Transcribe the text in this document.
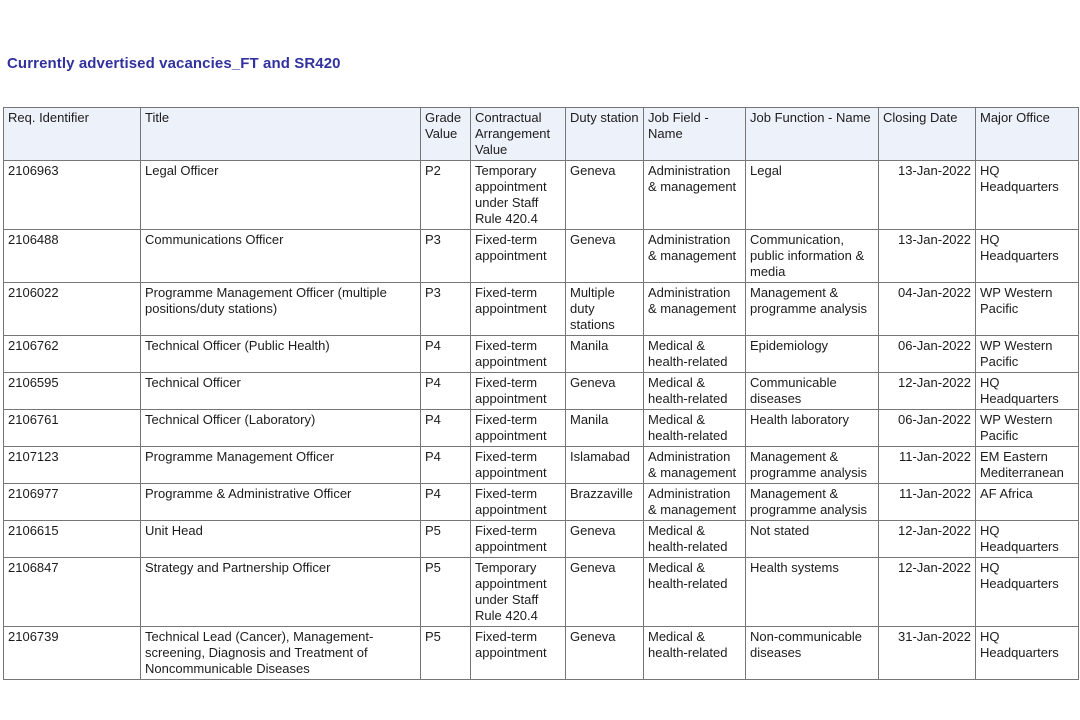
Currently advertised vacancies_FT and SR420
Req. Identifier	Title	Grade Value	Contractual Arrangement Value	Duty station	Job Field - Name	Job Function - Name	Closing Date	Major Office
2106963	Legal Officer	P2	Temporary appointment under Staff Rule 420.4	Geneva	Administration & management	Legal	13-Jan-2022	HQ Headquarters
2106488	Communications Officer	P3	Fixed-term appointment	Geneva	Administration & management	Communication, public information & media	13-Jan-2022	HQ Headquarters
2106022	Programme Management Officer (multiple positions/duty stations)	P3	Fixed-term appointment	Multiple duty stations	Administration & management	Management & programme analysis	04-Jan-2022	WP Western Pacific
2106762	Technical Officer (Public Health)	P4	Fixed-term appointment	Manila	Medical & health-related	Epidemiology	06-Jan-2022	WP Western Pacific
2106595	Technical Officer	P4	Fixed-term appointment	Geneva	Medical & health-related	Communicable diseases	12-Jan-2022	HQ Headquarters
2106761	Technical Officer (Laboratory)	P4	Fixed-term appointment	Manila	Medical & health-related	Health laboratory	06-Jan-2022	WP Western Pacific
2107123	Programme Management Officer	P4	Fixed-term appointment	Islamabad	Administration & management	Management & programme analysis	11-Jan-2022	EM Eastern Mediterranean
2106977	Programme & Administrative Officer	P4	Fixed-term appointment	Brazzaville	Administration & management	Management & programme analysis	11-Jan-2022	AF Africa
2106615	Unit Head	P5	Fixed-term appointment	Geneva	Medical & health-related	Not stated	12-Jan-2022	HQ Headquarters
2106847	Strategy and Partnership Officer	P5	Temporary appointment under Staff Rule 420.4	Geneva	Medical & health-related	Health systems	12-Jan-2022	HQ Headquarters
2106739	Technical Lead (Cancer), Management-screening, Diagnosis and Treatment of Noncommunicable Diseases	P5	Fixed-term appointment	Geneva	Medical & health-related	Non-communicable diseases	31-Jan-2022	HQ Headquarters
